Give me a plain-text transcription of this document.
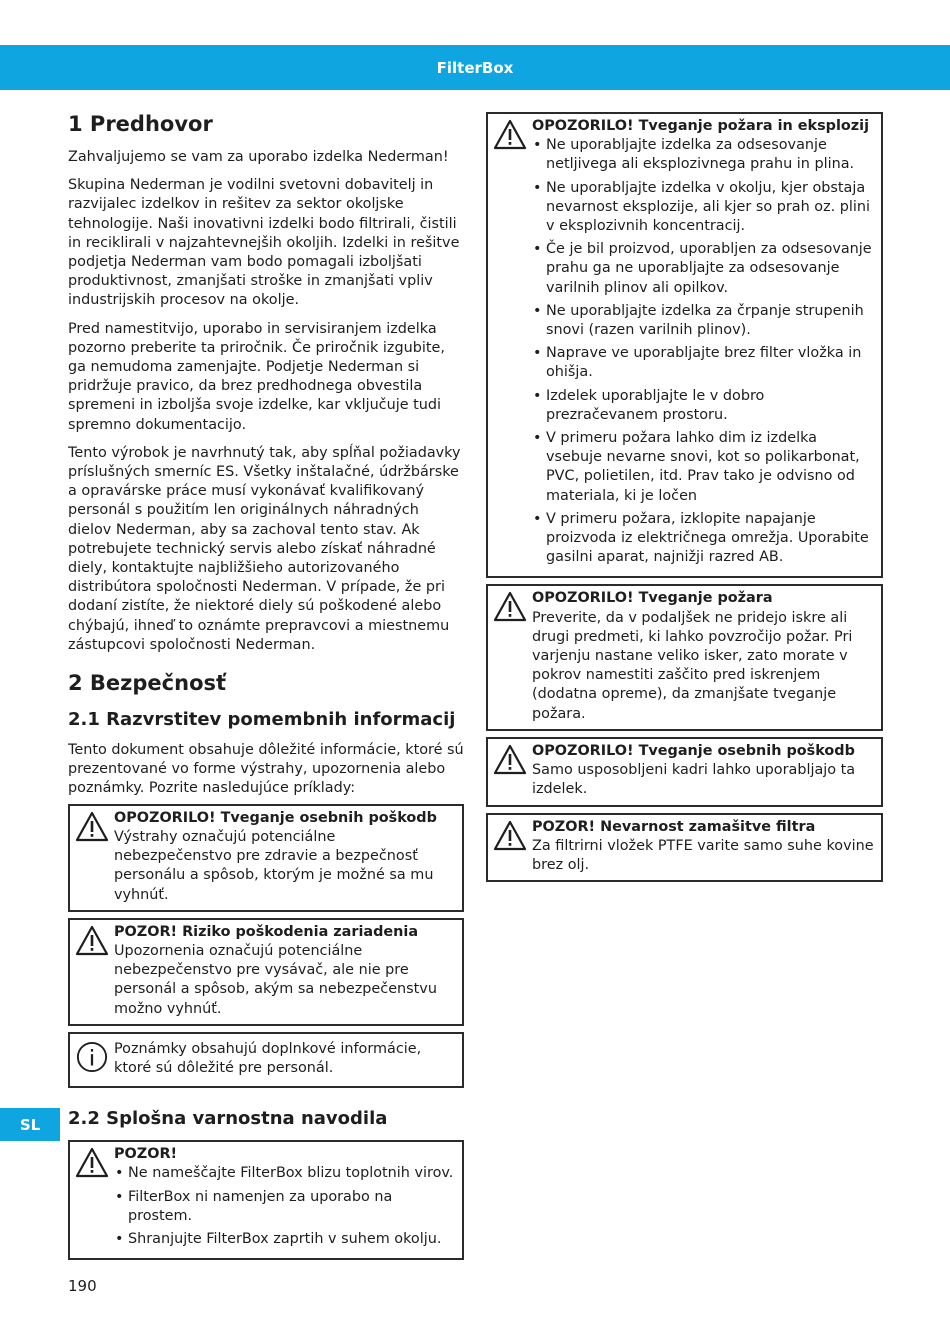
FilterBox
SL
1 Predhovor

Zahvaljujemo se vam za uporabo izdelka Nederman!

Skupina Nederman je vodilni svetovni dobavitelj in razvijalec izdelkov in rešitev za sektor okoljske tehnologije. Naši inovativni izdelki bodo filtrirali, čistili in reciklirali v najzahtevnejših okoljih. Izdelki in rešitve podjetja Nederman vam bodo pomagali izboljšati produktivnost, zmanjšati stroške in zmanjšati vpliv industrijskih procesov na okolje.

Pred namestitvijo, uporabo in servisiranjem izdelka pozorno preberite ta priročnik. Če priročnik izgubite, ga nemudoma zamenjajte. Podjetje Nederman si pridržuje pravico, da brez predhodnega obvestila spremeni in izboljša svoje izdelke, kar vključuje tudi spremno dokumentacijo.

Tento výrobok je navrhnutý tak, aby spĺňal požiadavky príslušných smerníc ES. Všetky inštalačné, údržbárske a opravárske práce musí vykonávať kvalifikovaný personál s použitím len originálnych náhradných dielov Nederman, aby sa zachoval tento stav. Ak potrebujete technický servis alebo získať náhradné diely, kontaktujte najbližšieho autorizovaného distribútora spoločnosti Nederman. V prípade, že pri dodaní zistíte, že niektoré diely sú poškodené alebo chýbajú, ihneď to oznámte prepravcovi a miestnemu zástupcovi spoločnosti Nederman.

2 Bezpečnosť
2.1 Razvrstitev pomembnih informacij

Tento dokument obsahuje dôležité informácie, ktoré sú prezentované vo forme výstrahy, upozornenia alebo poznámky. Pozrite nasledujúce príklady:

OPOZORILO! Tveganje osebnih poškodb
Výstrahy označujú potenciálne nebezpečenstvo pre zdravie a bezpečnosť personálu a spôsob, ktorým je možné sa mu vyhnúť.
POZOR! Riziko poškodenia zariadenia
Upozornenia označujú potenciálne nebezpečenstvo pre vysávač, ale nie pre personál a spôsob, akým sa nebezpečenstvu možno vyhnúť.
Poznámky obsahujú doplnkové informácie, ktoré sú dôležité pre personál.
2.2 Splošna varnostna navodila
POZOR!
• Ne nameščajte FilterBox blizu toplotnih virov.
• FilterBox ni namenjen za uporabo na prostem.
• Shranjujte FilterBox zaprtih v suhem okolju.
OPOZORILO! Tveganje požara in eksplozij
• Ne uporabljajte izdelka za odsesovanje netljivega ali eksplozivnega prahu in plina.
• Ne uporabljajte izdelka v okolju, kjer obstaja nevarnost eksplozije, ali kjer so prah oz. plini v eksplozivnih koncentracij.
• Če je bil proizvod, uporabljen za odsesovanje prahu ga ne uporabljajte za odsesovanje varilnih plinov ali opilkov.
• Ne uporabljajte izdelka za črpanje strupenih snovi (razen varilnih plinov).
• Naprave ve uporabljajte brez filter vložka in ohišja.
• Izdelek uporabljajte le v dobro prezračevanem prostoru.
• V primeru požara lahko dim iz izdelka vsebuje nevarne snovi, kot so polikarbonat, PVC, polietilen, itd. Prav tako je odvisno od materiala, ki je ločen
• V primeru požara, izklopite napajanje proizvoda iz električnega omrežja. Uporabite gasilni aparat, najnižji razred AB.
OPOZORILO! Tveganje požara
Preverite, da v podaljšek ne pridejo iskre ali drugi predmeti, ki lahko povzročijo požar. Pri varjenju nastane veliko isker, zato morate v pokrov namestiti zaščito pred iskrenjem (dodatna opreme), da zmanjšate tveganje požara.
OPOZORILO! Tveganje osebnih poškodb
Samo usposobljeni kadri lahko uporabljajo ta izdelek.
POZOR! Nevarnost zamašitve filtra
Za filtrirni vložek PTFE varite samo suhe kovine brez olj.
190
